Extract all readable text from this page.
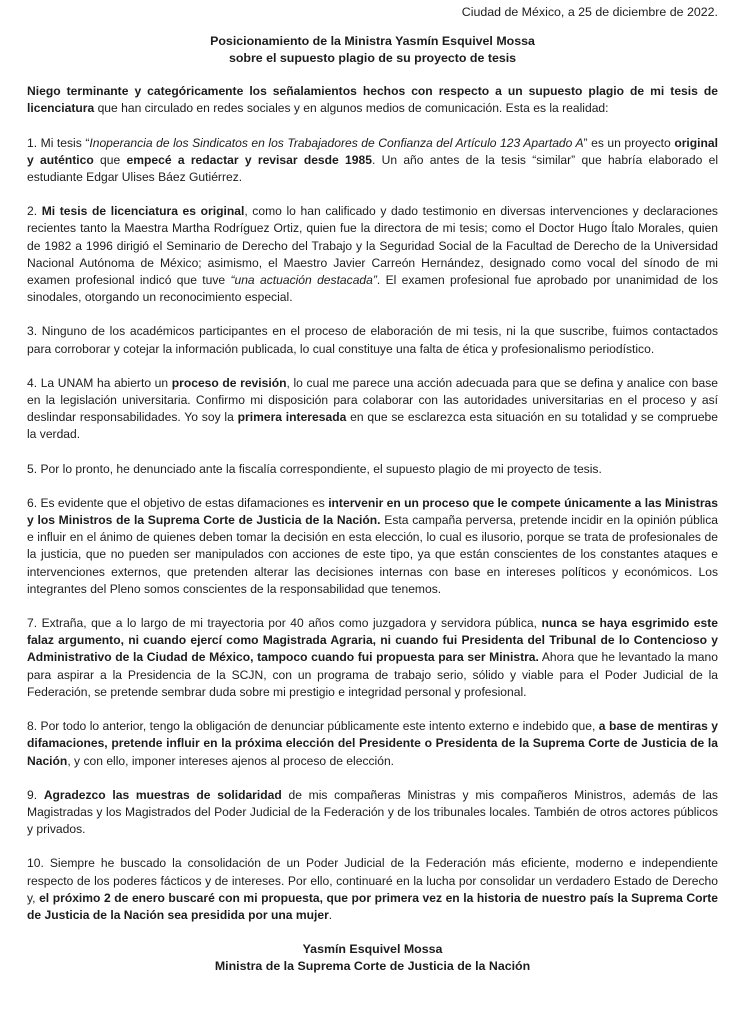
Ciudad de México, a 25 de diciembre de 2022.
Posicionamiento de la Ministra Yasmín Esquivel Mossa
sobre el supuesto plagio de su proyecto de tesis

Niego terminante y categóricamente los señalamientos hechos con respecto a un supuesto plagio de mi tesis de licenciatura que han circulado en redes sociales y en algunos medios de comunicación. Esta es la realidad:

1. Mi tesis “Inoperancia de los Sindicatos en los Trabajadores de Confianza del Artículo 123 Apartado A” es un proyecto original y auténtico que empecé a redactar y revisar desde 1985. Un año antes de la tesis “similar” que habría elaborado el estudiante Edgar Ulises Báez Gutiérrez.

2. Mi tesis de licenciatura es original, como lo han calificado y dado testimonio en diversas intervenciones y declaraciones recientes tanto la Maestra Martha Rodríguez Ortiz, quien fue la directora de mi tesis; como el Doctor Hugo Ítalo Morales, quien de 1982 a 1996 dirigió el Seminario de Derecho del Trabajo y la Seguridad Social de la Facultad de Derecho de la Universidad Nacional Autónoma de México; asimismo, el Maestro Javier Carreón Hernández, designado como vocal del sínodo de mi examen profesional indicó que tuve “una actuación destacada”. El examen profesional fue aprobado por unanimidad de los sinodales, otorgando un reconocimiento especial.

3. Ninguno de los académicos participantes en el proceso de elaboración de mi tesis, ni la que suscribe, fuimos contactados para corroborar y cotejar la información publicada, lo cual constituye una falta de ética y profesionalismo periodístico.

4. La UNAM ha abierto un proceso de revisión, lo cual me parece una acción adecuada para que se defina y analice con base en la legislación universitaria. Confirmo mi disposición para colaborar con las autoridades universitarias en el proceso y así deslindar responsabilidades. Yo soy la primera interesada en que se esclarezca esta situación en su totalidad y se compruebe la verdad.

5. Por lo pronto, he denunciado ante la fiscalía correspondiente, el supuesto plagio de mi proyecto de tesis.

6. Es evidente que el objetivo de estas difamaciones es intervenir en un proceso que le compete únicamente a las Ministras y los Ministros de la Suprema Corte de Justicia de la Nación. Esta campaña perversa, pretende incidir en la opinión pública e influir en el ánimo de quienes deben tomar la decisión en esta elección, lo cual es ilusorio, porque se trata de profesionales de la justicia, que no pueden ser manipulados con acciones de este tipo, ya que están conscientes de los constantes ataques e intervenciones externos, que pretenden alterar las decisiones internas con base en intereses políticos y económicos. Los integrantes del Pleno somos conscientes de la responsabilidad que tenemos.

7. Extraña, que a lo largo de mi trayectoria por 40 años como juzgadora y servidora pública, nunca se haya esgrimido este falaz argumento, ni cuando ejercí como Magistrada Agraria, ni cuando fui Presidenta del Tribunal de lo Contencioso y Administrativo de la Ciudad de México, tampoco cuando fui propuesta para ser Ministra. Ahora que he levantado la mano para aspirar a la Presidencia de la SCJN, con un programa de trabajo serio, sólido y viable para el Poder Judicial de la Federación, se pretende sembrar duda sobre mi prestigio e integridad personal y profesional.

8. Por todo lo anterior, tengo la obligación de denunciar públicamente este intento externo e indebido que, a base de mentiras y difamaciones, pretende influir en la próxima elección del Presidente o Presidenta de la Suprema Corte de Justicia de la Nación, y con ello, imponer intereses ajenos al proceso de elección.

9. Agradezco las muestras de solidaridad de mis compañeras Ministras y mis compañeros Ministros, además de las Magistradas y los Magistrados del Poder Judicial de la Federación y de los tribunales locales. También de otros actores públicos y privados.

10. Siempre he buscado la consolidación de un Poder Judicial de la Federación más eficiente, moderno e independiente respecto de los poderes fácticos y de intereses. Por ello, continuaré en la lucha por consolidar un verdadero Estado de Derecho y, el próximo 2 de enero buscaré con mi propuesta, que por primera vez en la historia de nuestro país la Suprema Corte de Justicia de la Nación sea presidida por una mujer.

Yasmín Esquivel Mossa
Ministra de la Suprema Corte de Justicia de la Nación
